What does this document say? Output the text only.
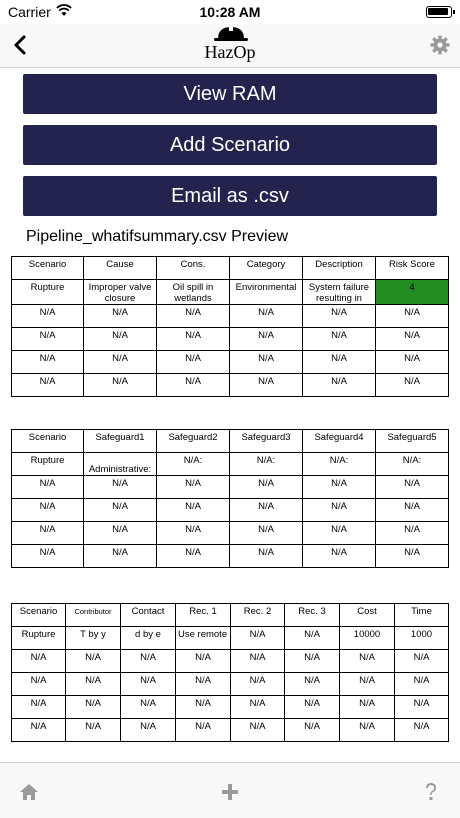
Carrier	10:28 AM
HazOp
View RAM
Add Scenario
Email as .csv
Pipeline_whatifsummary.csv Preview
Scenario	Cause	Cons.	Category	Description	Risk Score
Rupture	Improper valve closure	Oil spill in wetlands	Environmental	System failure resulting in	4
N/A	N/A	N/A	N/A	N/A	N/A
N/A	N/A	N/A	N/A	N/A	N/A
N/A	N/A	N/A	N/A	N/A	N/A
N/A	N/A	N/A	N/A	N/A	N/A
Scenario	Safeguard1	Safeguard2	Safeguard3	Safeguard4	Safeguard5
Rupture	Administrative:	N/A:	N/A:	N/A:	N/A:
N/A	N/A	N/A	N/A	N/A	N/A
N/A	N/A	N/A	N/A	N/A	N/A
N/A	N/A	N/A	N/A	N/A	N/A
N/A	N/A	N/A	N/A	N/A	N/A
Scenario	Contributor	Contact	Rec. 1	Rec. 2	Rec. 3	Cost	Time
Rupture	T by y	d by e	Use remote	N/A	N/A	10000	1000
N/A	N/A	N/A	N/A	N/A	N/A	N/A	N/A
N/A	N/A	N/A	N/A	N/A	N/A	N/A	N/A
N/A	N/A	N/A	N/A	N/A	N/A	N/A	N/A
N/A	N/A	N/A	N/A	N/A	N/A	N/A	N/A
